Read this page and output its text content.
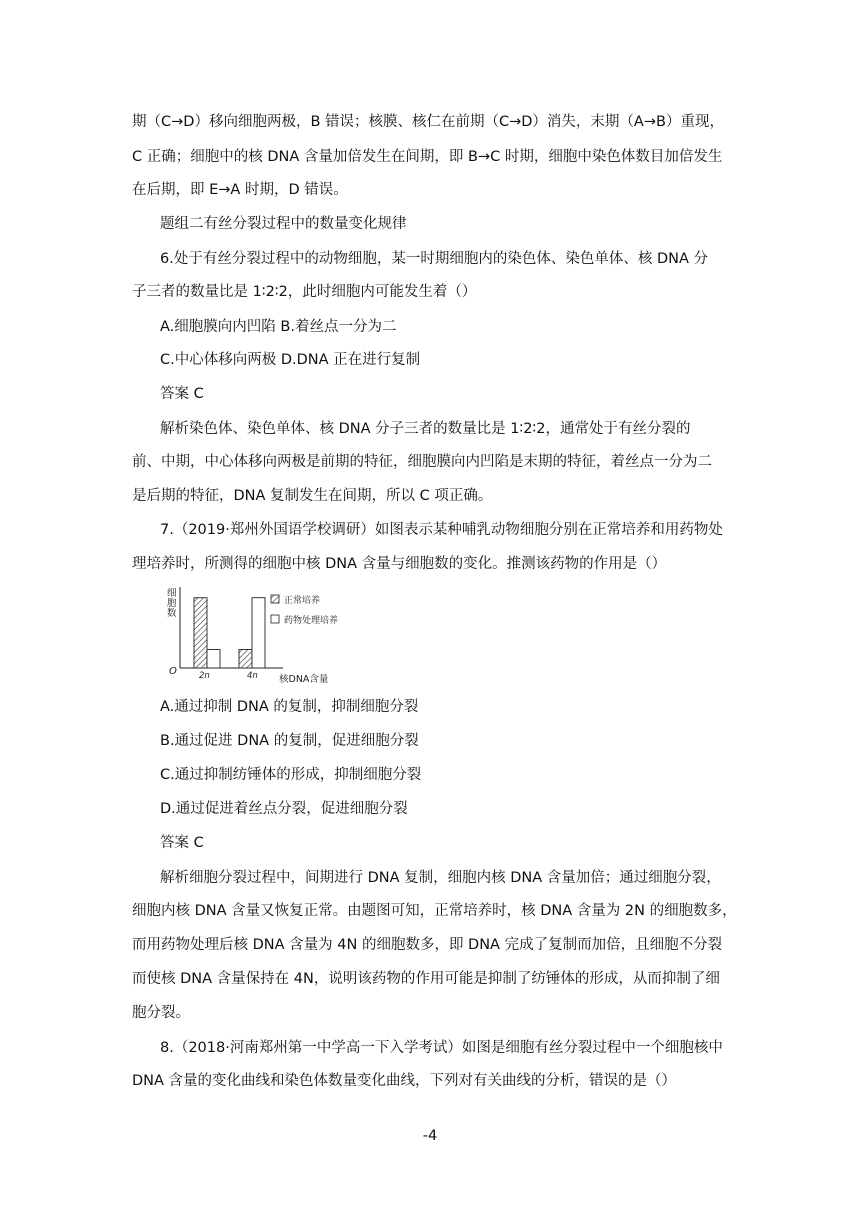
期（C→D）移向细胞两极，B 错误；核膜、核仁在前期（C→D）消失，末期（A→B）重现，
C 正确；细胞中的核 DNA 含量加倍发生在间期，即 B→C 时期，细胞中染色体数目加倍发生
在后期，即 E→A 时期，D 错误。
题组二有丝分裂过程中的数量变化规律
6.处于有丝分裂过程中的动物细胞，某一时期细胞内的染色体、染色单体、核 DNA 分
子三者的数量比是 1∶2∶2，此时细胞内可能发生着（）
A.细胞膜向内凹陷 B.着丝点一分为二
C.中心体移向两极 D.DNA 正在进行复制
答案 C
解析染色体、染色单体、核 DNA 分子三者的数量比是 1∶2∶2，通常处于有丝分裂的
前、中期，中心体移向两极是前期的特征，细胞膜向内凹陷是末期的特征，着丝点一分为二
是后期的特征，DNA 复制发生在间期，所以 C 项正确。
7.（2019·郑州外国语学校调研）如图表示某种哺乳动物细胞分别在正常培养和用药物处
理培养时，所测得的细胞中核 DNA 含量与细胞数的变化。推测该药物的作用是（）
细胞数
O	2n	4n 核DNA含量
正常培养
药物处理培养
A.通过抑制 DNA 的复制，抑制细胞分裂
B.通过促进 DNA 的复制，促进细胞分裂
C.通过抑制纺锤体的形成，抑制细胞分裂
D.通过促进着丝点分裂，促进细胞分裂
答案 C
解析细胞分裂过程中，间期进行 DNA 复制，细胞内核 DNA 含量加倍；通过细胞分裂，
细胞内核 DNA 含量又恢复正常。由题图可知，正常培养时，核 DNA 含量为 2N 的细胞数多，
而用药物处理后核 DNA 含量为 4N 的细胞数多，即 DNA 完成了复制而加倍，且细胞不分裂
而使核 DNA 含量保持在 4N，说明该药物的作用可能是抑制了纺锤体的形成，从而抑制了细
胞分裂。
8.（2018·河南郑州第一中学高一下入学考试）如图是细胞有丝分裂过程中一个细胞核中
DNA 含量的变化曲线和染色体数量变化曲线，下列对有关曲线的分析，错误的是（）
-4
